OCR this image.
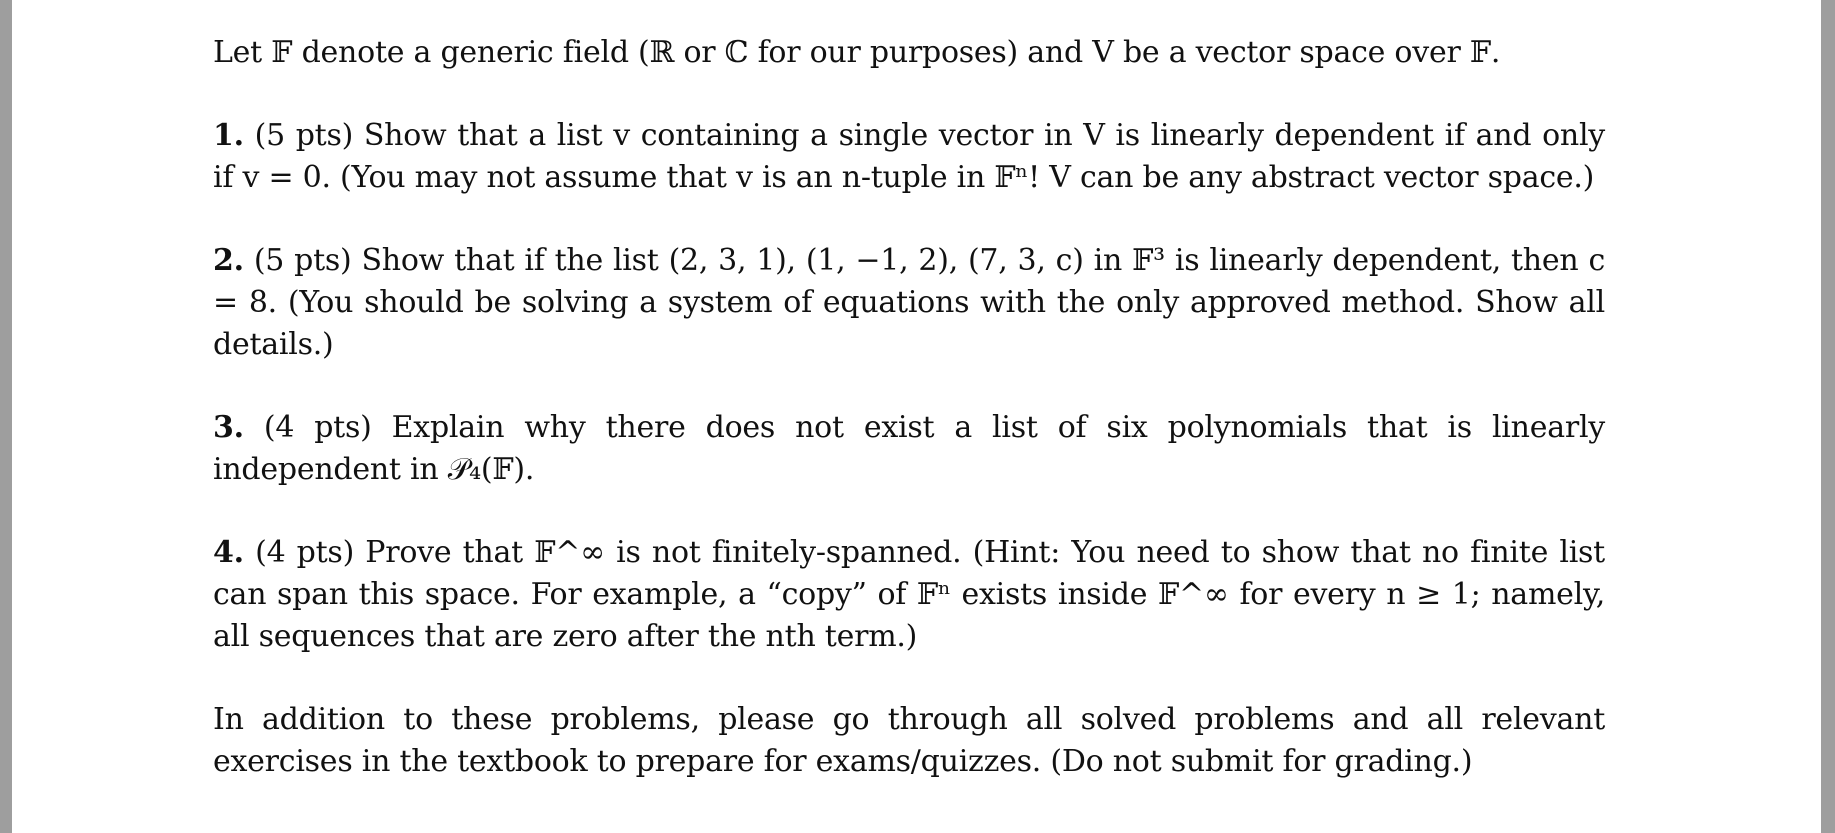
Let 𝔽 denote a generic field (ℝ or ℂ for our purposes) and V be a vector space over 𝔽.

1. (5 pts) Show that a list v containing a single vector in V is linearly dependent if and only if v = 0. (You may not assume that v is an n-tuple in 𝔽ⁿ! V can be any abstract vector space.)

2. (5 pts) Show that if the list (2, 3, 1), (1, −1, 2), (7, 3, c) in 𝔽³ is linearly dependent, then c = 8. (You should be solving a system of equations with the only approved method. Show all details.)

3. (4 pts) Explain why there does not exist a list of six polynomials that is linearly independent in 𝒫₄(𝔽).

4. (4 pts) Prove that 𝔽^∞ is not finitely-spanned. (Hint: You need to show that no finite list can span this space. For example, a “copy” of 𝔽ⁿ exists inside 𝔽^∞ for every n ≥ 1; namely, all sequences that are zero after the nth term.)

In addition to these problems, please go through all solved problems and all relevant exercises in the textbook to prepare for exams/quizzes. (Do not submit for grading.)
